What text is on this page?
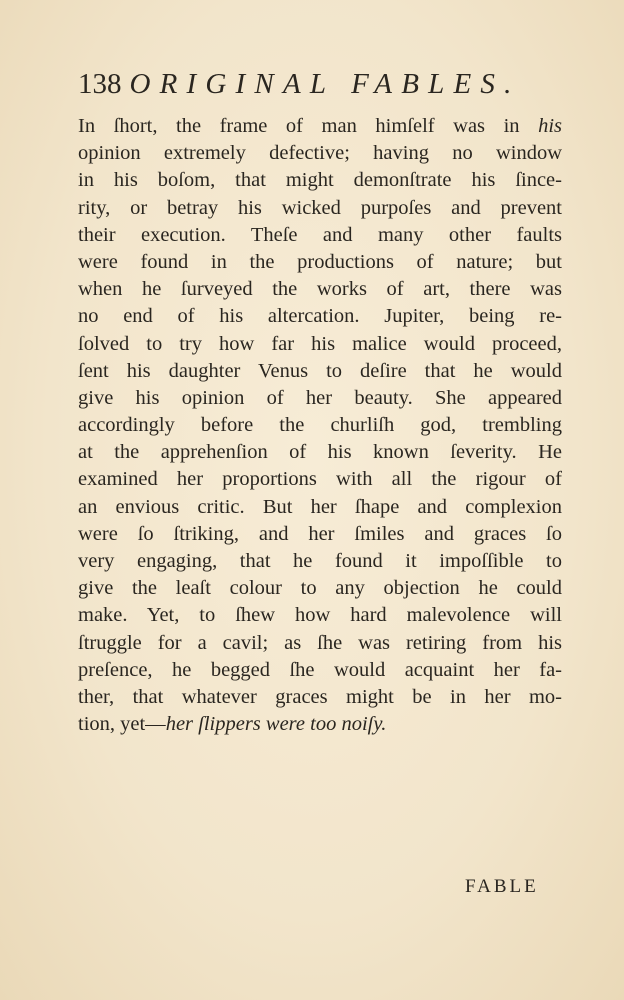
138 ORIGINAL FABLES.
In ſhort, the frame of man himſelf was in his
opinion extremely defective; having no window
in his boſom, that might demonſtrate his ſince-
rity, or betray his wicked purpoſes and prevent
their execution. Theſe and many other faults
were found in the productions of nature; but
when he ſurveyed the works of art, there was
no end of his altercation. Jupiter, being re-
ſolved to try how far his malice would proceed,
ſent his daughter Venus to deſire that he would
give his opinion of her beauty. She appeared
accordingly before the churliſh god, trembling
at the apprehenſion of his known ſeverity. He
examined her proportions with all the rigour of
an envious critic. But her ſhape and complexion
were ſo ſtriking, and her ſmiles and graces ſo
very engaging, that he found it impoſſible to
give the leaſt colour to any objection he could
make. Yet, to ſhew how hard malevolence will
ſtruggle for a cavil; as ſhe was retiring from his
preſence, he begged ſhe would acquaint her fa-
ther, that whatever graces might be in her mo-
tion, yet—her ſlippers were too noiſy.
FABLE
